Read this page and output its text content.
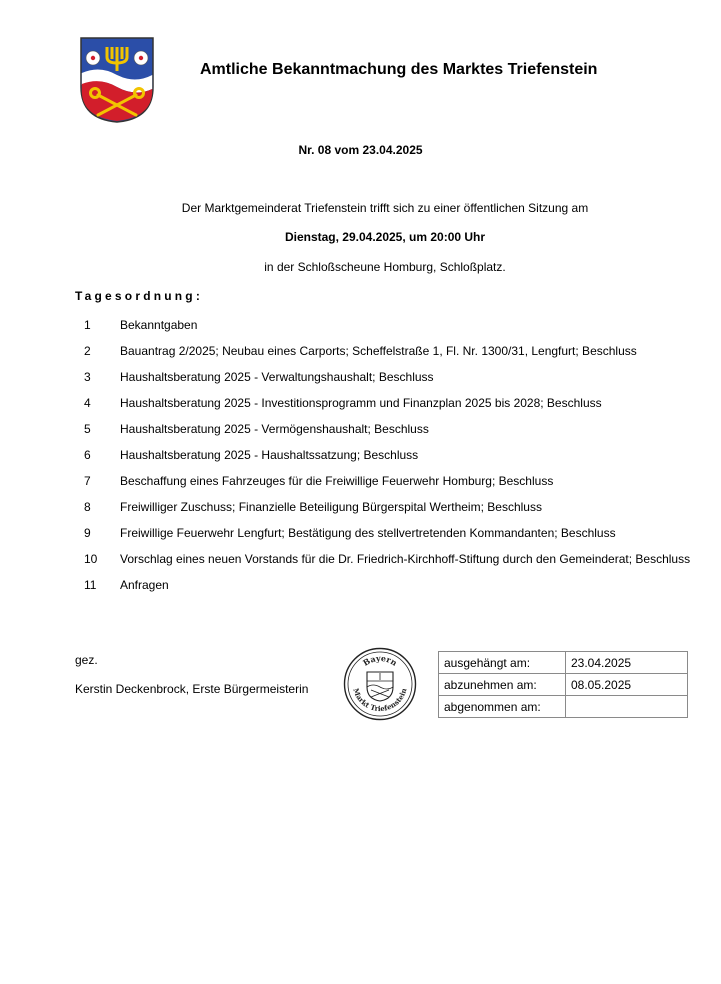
Amtliche Bekanntmachung des Marktes Triefenstein
Nr. 08 vom 23.04.2025
Der Marktgemeinderat Triefenstein trifft sich zu einer öffentlichen Sitzung am
Dienstag, 29.04.2025, um 20:00 Uhr
in der Schloßscheune Homburg, Schloßplatz.
Tagesordnung:
1 Bekanntgaben
2 Bauantrag 2/2025; Neubau eines Carports; Scheffelstraße 1, Fl. Nr. 1300/31, Lengfurt; Beschluss
3 Haushaltsberatung 2025 - Verwaltungshaushalt; Beschluss
4 Haushaltsberatung 2025 - Investitionsprogramm und Finanzplan 2025 bis 2028; Beschluss
5 Haushaltsberatung 2025 - Vermögenshaushalt; Beschluss
6 Haushaltsberatung 2025 - Haushaltssatzung; Beschluss
7 Beschaffung eines Fahrzeuges für die Freiwillige Feuerwehr Homburg; Beschluss
8 Freiwilliger Zuschuss; Finanzielle Beteiligung Bürgerspital Wertheim; Beschluss
9 Freiwillige Feuerwehr Lengfurt; Bestätigung des stellvertretenden Kommandanten; Beschluss
10 Vorschlag eines neuen Vorstands für die Dr. Friedrich-Kirchhoff-Stiftung durch den Gemeinderat; Beschluss
11 Anfragen
gez.
Kerstin Deckenbrock, Erste Bürgermeisterin
Bayern
Markt Triefenstein
ausgehängt am:	23.04.2025
abzunehmen am:	08.05.2025
abgenommen am:	
